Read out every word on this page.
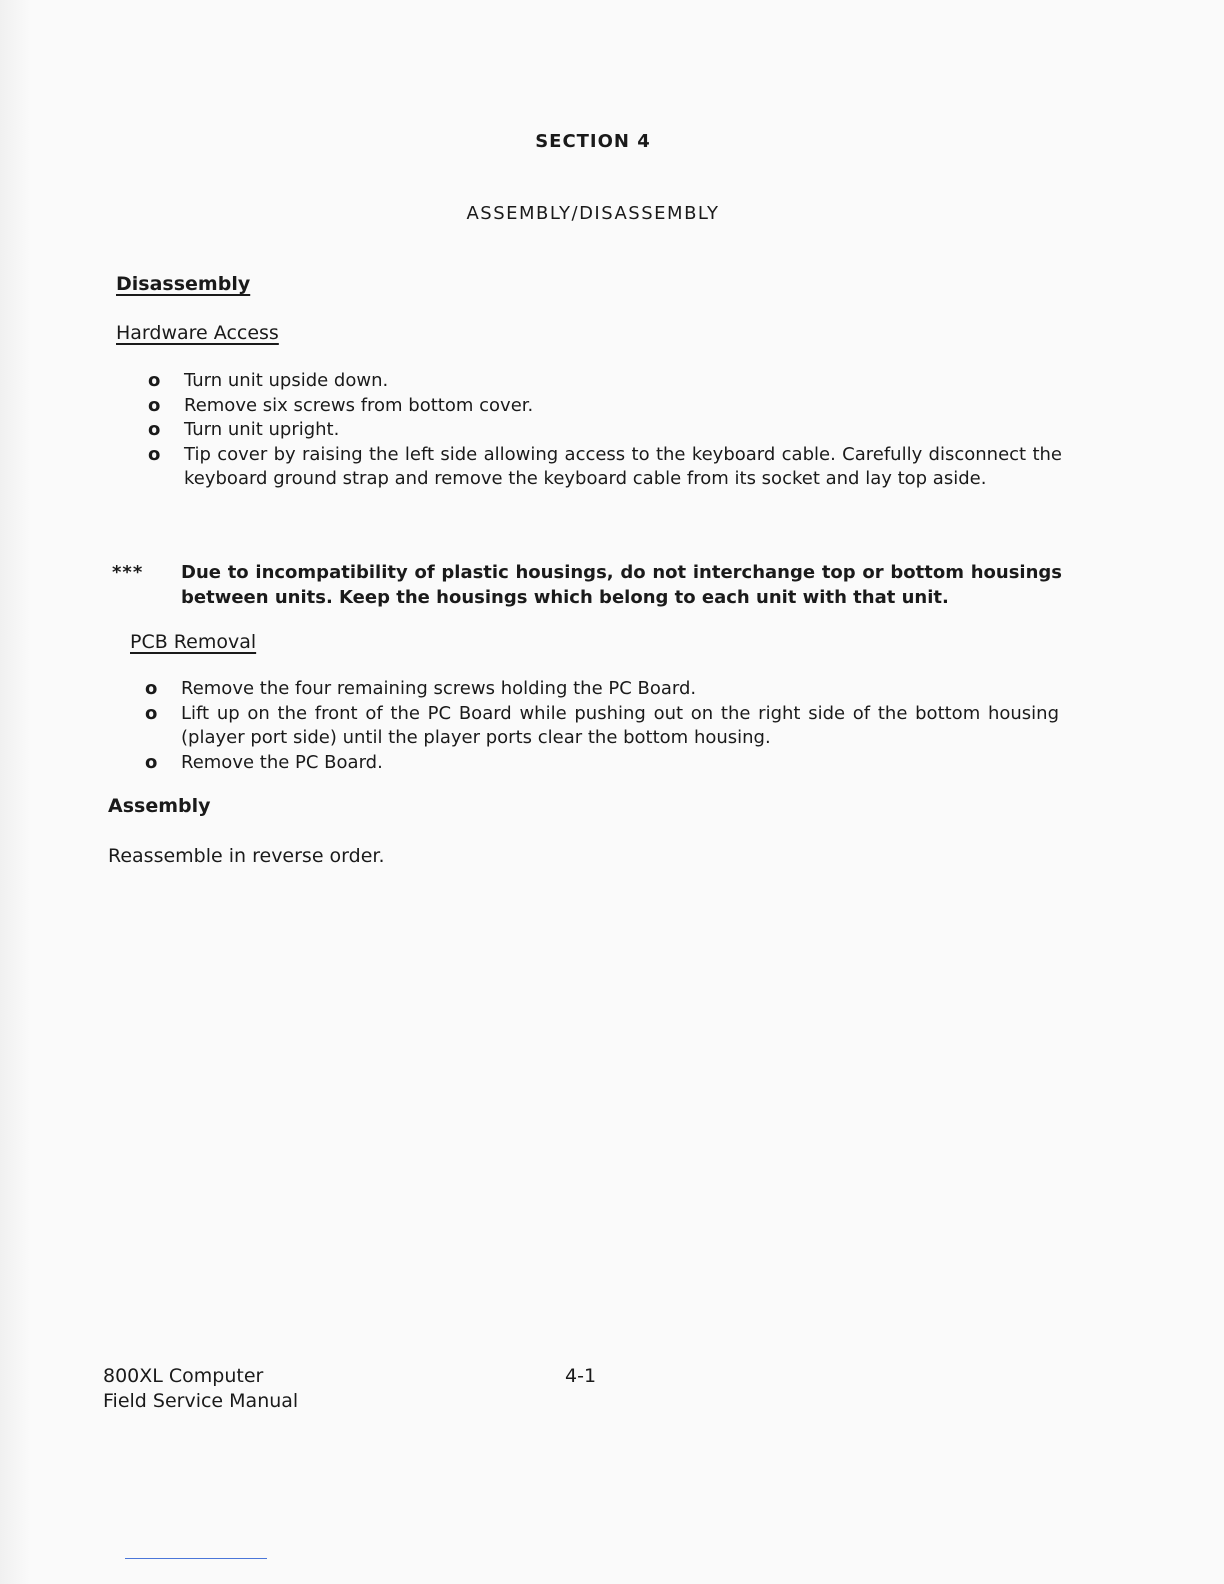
SECTION 4
ASSEMBLY/DISASSEMBLY
Disassembly
Hardware Access
o Turn unit upside down.
o Remove six screws from bottom cover.
o Turn unit upright.
o Tip cover by raising the left side allowing access to the keyboard cable. Carefully disconnect the keyboard ground strap and remove the keyboard cable from its socket and lay top aside.
*** Due to incompatibility of plastic housings, do not interchange top or bottom housings between units. Keep the housings which belong to each unit with that unit.
PCB Removal
o Remove the four remaining screws holding the PC Board.
o Lift up on the front of the PC Board while pushing out on the right side of the bottom housing (player port side) until the player ports clear the bottom housing.
o Remove the PC Board.
Assembly
Reassemble in reverse order.
800XL Computer
Field Service Manual
4-1
